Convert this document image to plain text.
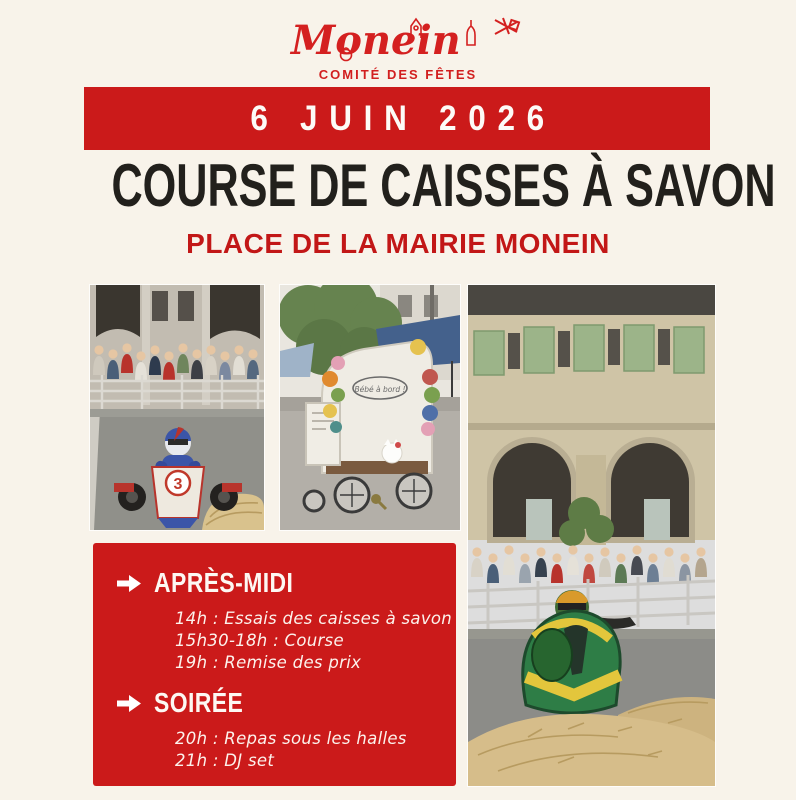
Monein
COMITÉ DES FÊTES
6 JUIN 2026
COURSE DE CAISSES À SAVON
PLACE DE LA MAIRIE MONEIN
3
Bébé à bord !
APRÈS-MIDI
14h : Essais des caisses à savon
15h30-18h : Course
19h : Remise des prix
SOIRÉE
20h : Repas sous les halles
21h : DJ set
